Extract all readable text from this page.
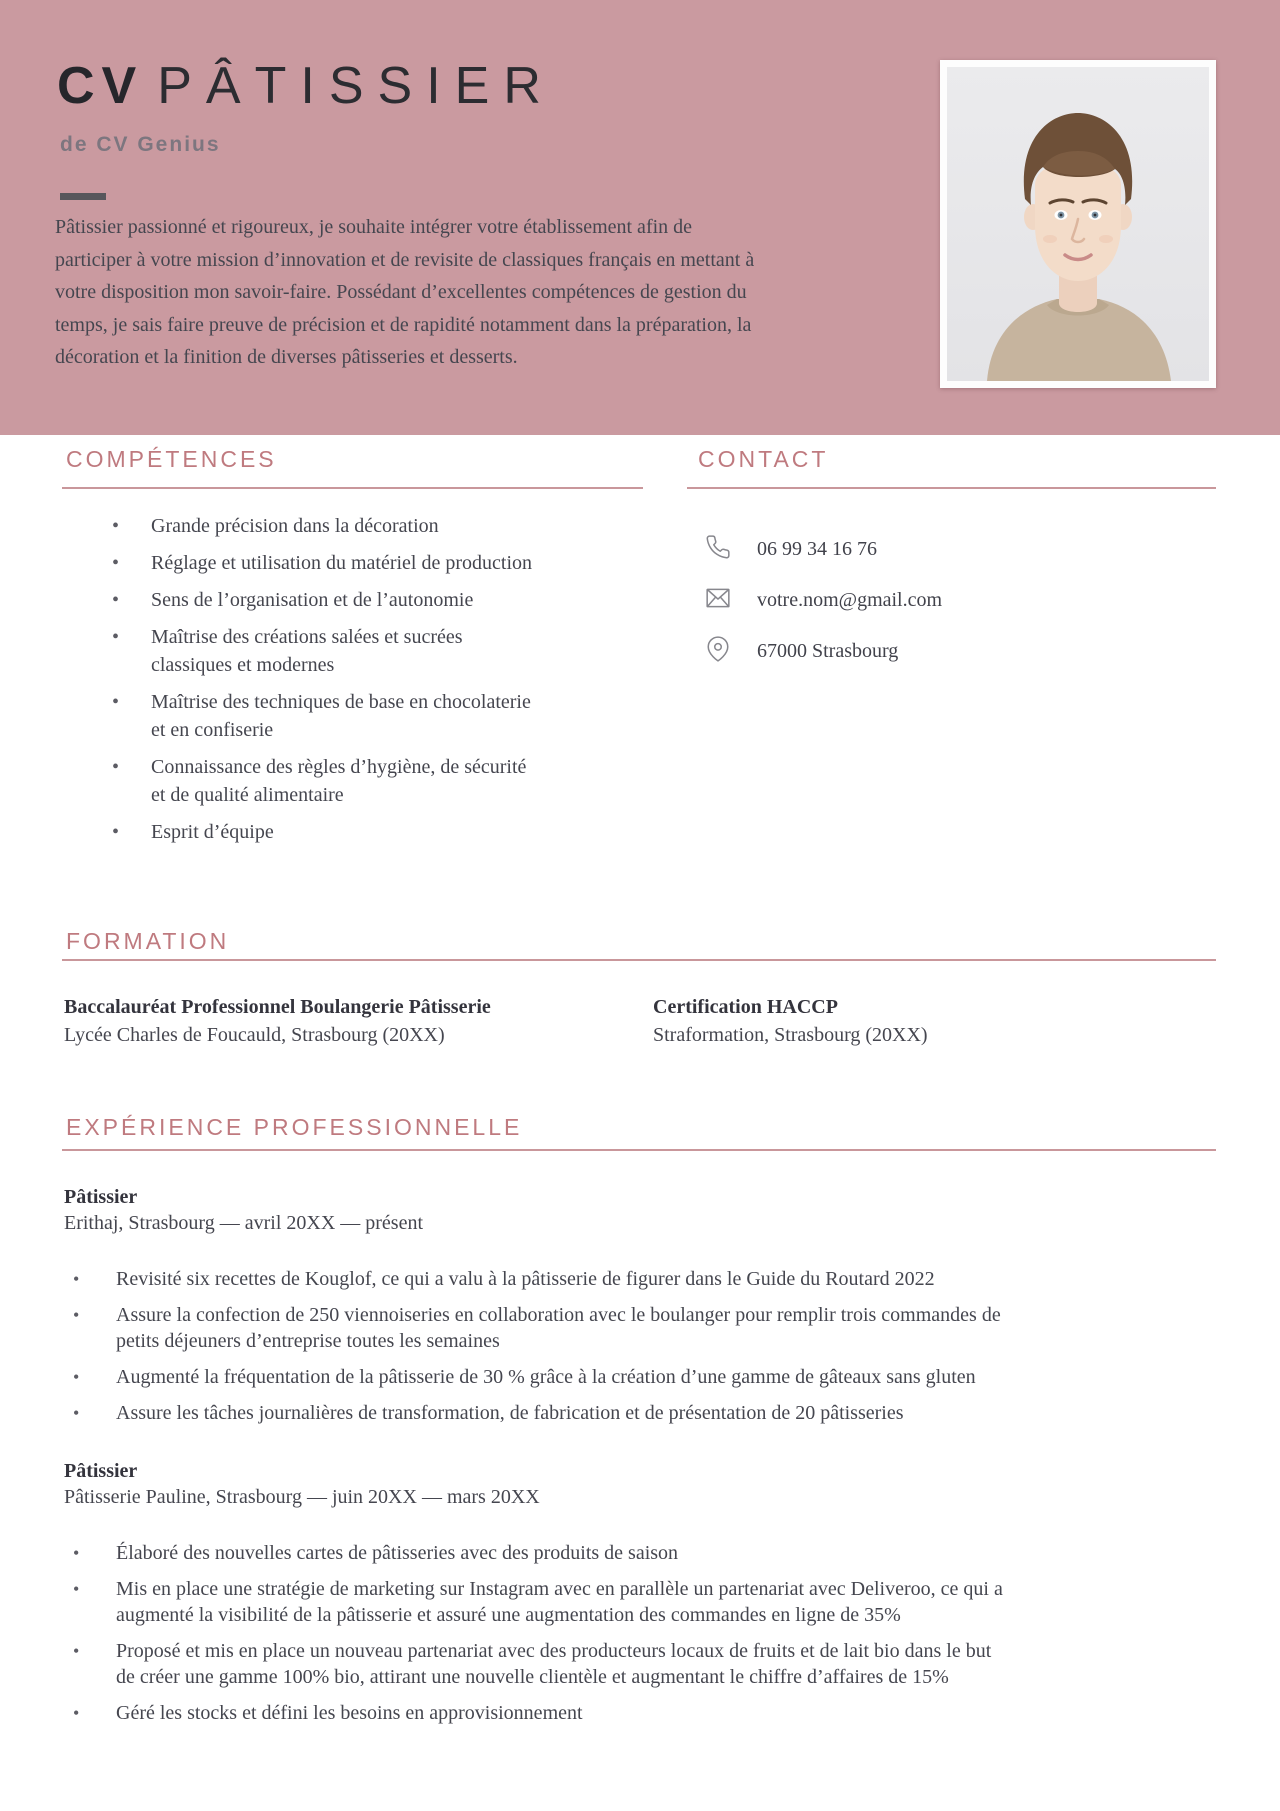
CV PÂTISSIER
de CV Genius

Pâtissier passionné et rigoureux, je souhaite intégrer votre établissement afin de participer à votre mission d’innovation et de revisite de classiques français en mettant à votre disposition mon savoir-faire. Possédant d’excellentes compétences de gestion du temps, je sais faire preuve de précision et de rapidité notamment dans la préparation, la décoration et la finition de diverses pâtisseries et desserts.

COMPÉTENCES	CONTACT
• Grande précision dans la décoration
• Réglage et utilisation du matériel de production
• Sens de l’organisation et de l’autonomie
• Maîtrise des créations salées et sucrées classiques et modernes
• Maîtrise des techniques de base en chocolaterie et en confiserie
• Connaissance des règles d’hygiène, de sécurité et de qualité alimentaire
• Esprit d’équipe
06 99 34 16 76
votre.nom@gmail.com
67000 Strasbourg
FORMATION
Baccalauréat Professionnel Boulangerie Pâtisserie
Lycée Charles de Foucauld, Strasbourg (20XX)
Certification HACCP
Straformation, Strasbourg (20XX)
EXPÉRIENCE PROFESSIONNELLE
Pâtissier
Erithaj, Strasbourg — avril 20XX — présent
• Revisité six recettes de Kouglof, ce qui a valu à la pâtisserie de figurer dans le Guide du Routard 2022
• Assure la confection de 250 viennoiseries en collaboration avec le boulanger pour remplir trois commandes de petits déjeuners d’entreprise toutes les semaines
• Augmenté la fréquentation de la pâtisserie de 30 % grâce à la création d’une gamme de gâteaux sans gluten
• Assure les tâches journalières de transformation, de fabrication et de présentation de 20 pâtisseries
Pâtissier
Pâtisserie Pauline, Strasbourg — juin 20XX — mars 20XX
• Élaboré des nouvelles cartes de pâtisseries avec des produits de saison
• Mis en place une stratégie de marketing sur Instagram avec en parallèle un partenariat avec Deliveroo, ce qui a augmenté la visibilité de la pâtisserie et assuré une augmentation des commandes en ligne de 35%
• Proposé et mis en place un nouveau partenariat avec des producteurs locaux de fruits et de lait bio dans le but de créer une gamme 100% bio, attirant une nouvelle clientèle et augmentant le chiffre d’affaires de 15%
• Géré les stocks et défini les besoins en approvisionnement
